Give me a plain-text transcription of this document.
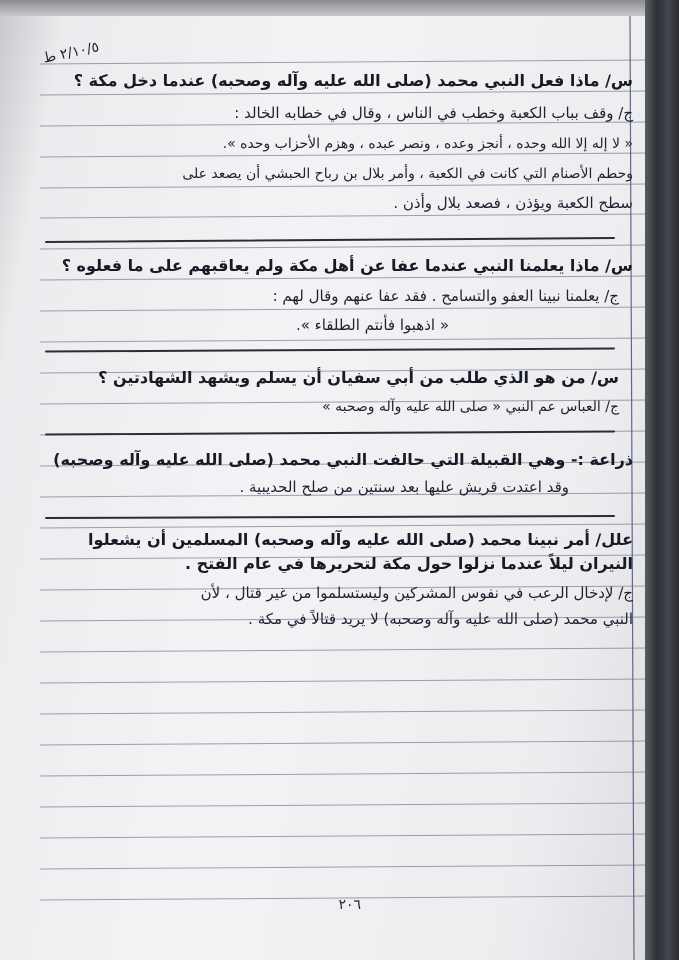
٢/١٠/٥ ط
س/ ماذا فعل النبي محمد (صلى الله عليه وآله وصحبه) عندما دخل مكة ؟
ج/ وقف بباب الكعبة وخطب في الناس ، وقال في خطابه الخالد :
« لا إله إلا الله وحده ، أنجز وعده ، ونصر عبده ، وهزم الأحزاب وحده ».
وحطم الأصنام التي كانت في الكعبة ، وأمر بلال بن رباح الحبشي أن يصعد على
سطح الكعبة ويؤذن ، فصعد بلال وأذن .
س/ ماذا يعلمنا النبي عندما عفا عن أهل مكة ولم يعاقبهم على ما فعلوه ؟
ج/ يعلمنا نبينا العفو والتسامح . فقد عفا عنهم وقال لهم :
« اذهبوا فأنتم الطلقاء ».
س/ من هو الذي طلب من أبي سفيان أن يسلم ويشهد الشهادتين ؟
ج/ العباس عم النبي « صلى الله عليه وآله وصحبه »
ذراعة :- وهي القبيلة التي حالفت النبي محمد (صلى الله عليه وآله وصحبه)
وقد اعتدت قريش عليها بعد سنتين من صلح الحديبية .
علل/ أمر نبينا محمد (صلى الله عليه وآله وصحبه) المسلمين أن يشعلوا
النيران ليلاً عندما نزلوا حول مكة لتحريرها في عام الفتح .
ج/ لإدخال الرعب في نفوس المشركين وليستسلموا من غير قتال ، لأن
النبي محمد (صلى الله عليه وآله وصحبه) لا يريد قتالاً في مكة .
٢٠٦
